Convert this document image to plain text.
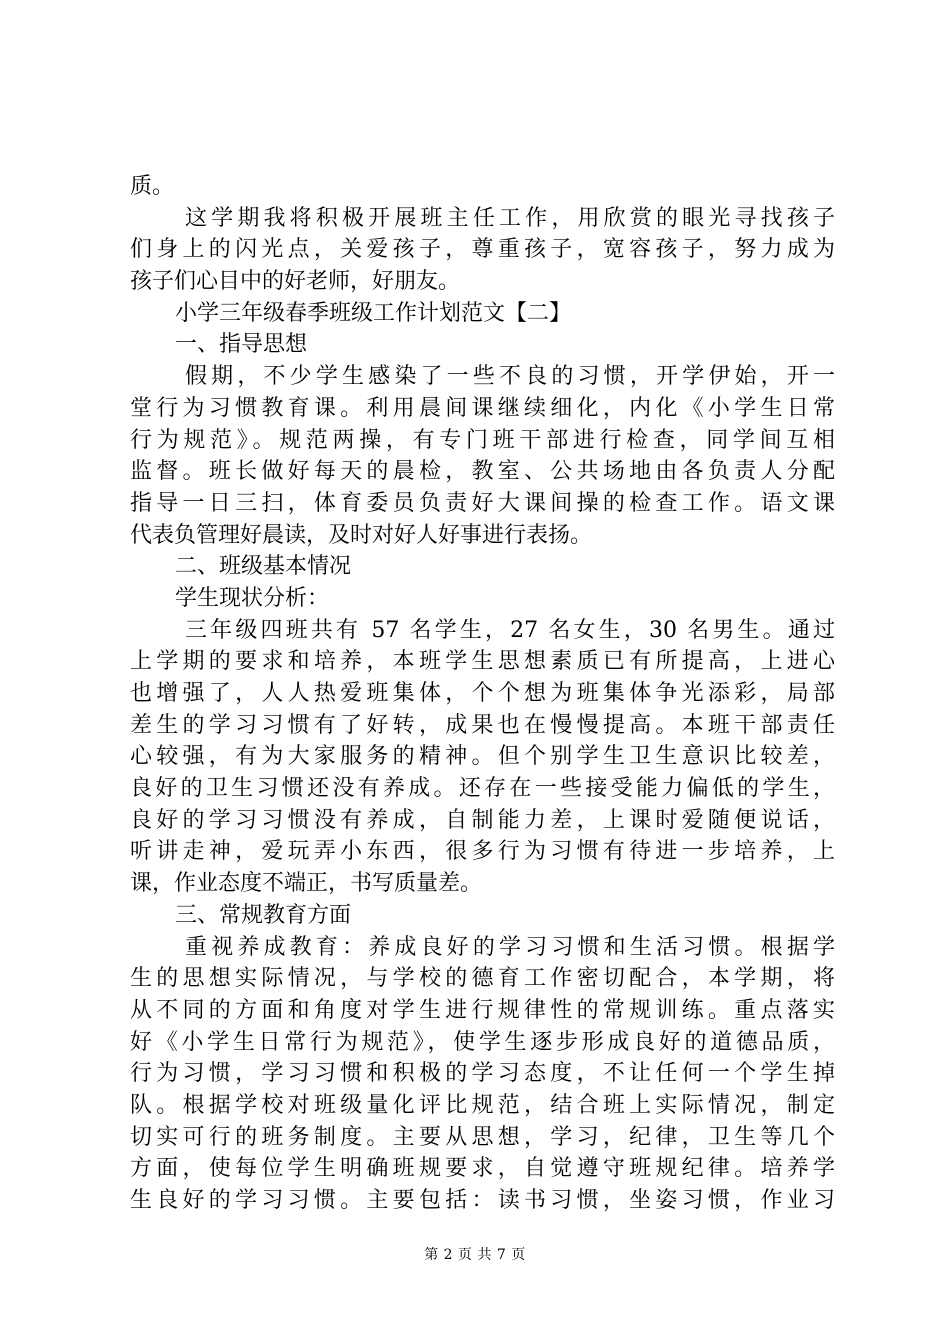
质。
这学期我将积极开展班主任工作，用欣赏的眼光寻找孩子
们身上的闪光点，关爱孩子，尊重孩子，宽容孩子，努力成为
孩子们心目中的好老师，好朋友。
小学三年级春季班级工作计划范文【二】
一、指导思想
假期，不少学生感染了一些不良的习惯，开学伊始，开一
堂行为习惯教育课。利用晨间课继续细化，内化《小学生日常
行为规范》。规范两操，有专门班干部进行检查，同学间互相
监督。班长做好每天的晨检，教室、公共场地由各负责人分配
指导一日三扫，体育委员负责好大课间操的检查工作。语文课
代表负管理好晨读，及时对好人好事进行表扬。
二、班级基本情况
学生现状分析：
三年级四班共有 57 名学生，27 名女生，30 名男生。通过
上学期的要求和培养，本班学生思想素质已有所提高，上进心
也增强了，人人热爱班集体，个个想为班集体争光添彩，局部
差生的学习习惯有了好转，成果也在慢慢提高。本班干部责任
心较强，有为大家服务的精神。但个别学生卫生意识比较差，
良好的卫生习惯还没有养成。还存在一些接受能力偏低的学生，
良好的学习习惯没有养成，自制能力差，上课时爱随便说话，
听讲走神，爱玩弄小东西，很多行为习惯有待进一步培养，上
课，作业态度不端正，书写质量差。
三、常规教育方面
重视养成教育：养成良好的学习习惯和生活习惯。根据学
生的思想实际情况，与学校的德育工作密切配合，本学期，将
从不同的方面和角度对学生进行规律性的常规训练。重点落实
好《小学生日常行为规范》，使学生逐步形成良好的道德品质，
行为习惯，学习习惯和积极的学习态度，不让任何一个学生掉
队。根据学校对班级量化评比规范，结合班上实际情况，制定
切实可行的班务制度。主要从思想，学习，纪律，卫生等几个
方面，使每位学生明确班规要求，自觉遵守班规纪律。培养学
生良好的学习习惯。主要包括：读书习惯，坐姿习惯，作业习
第 2 页 共 7 页
